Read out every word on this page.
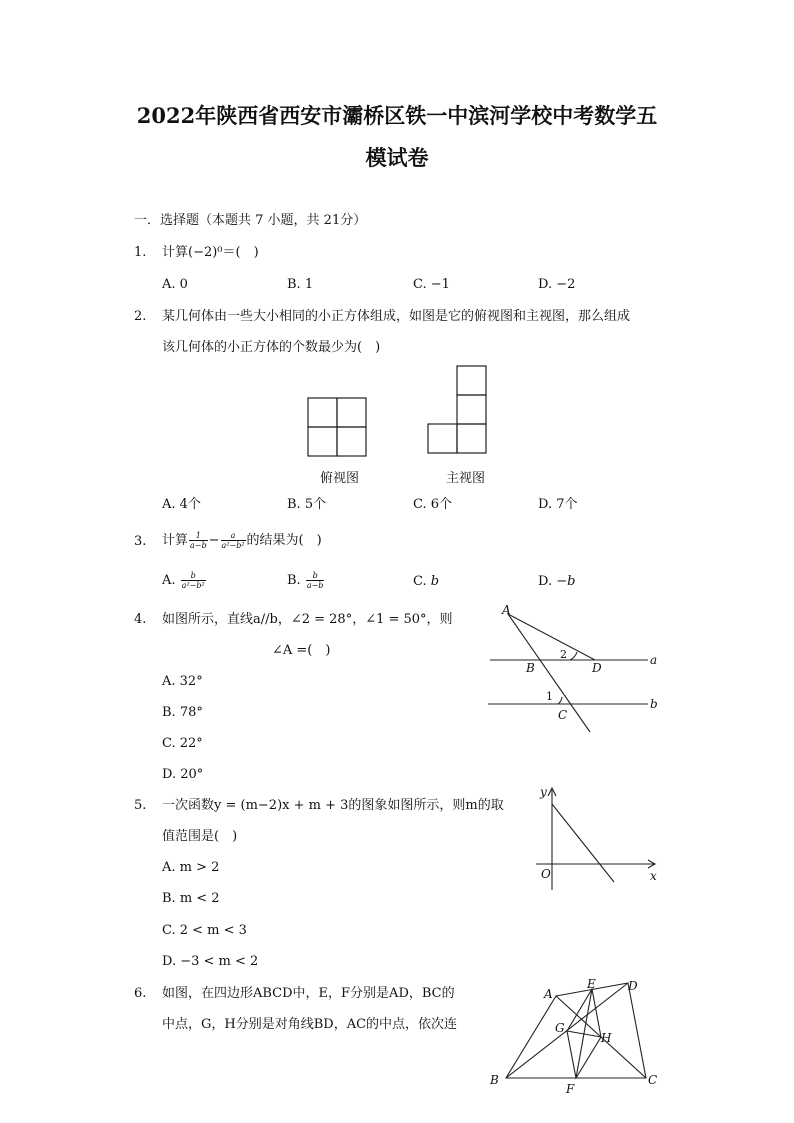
2022年陕西省西安市灞桥区铁一中滨河学校中考数学五
模试卷
一．选择题（本题共 7 小题，共 21分）
1. 计算(−2)⁰＝(　)
A. 0	B. 1	C. −1	D. −2
2. 某几何体由一些大小相同的小正方体组成，如图是它的俯视图和主视图，那么组成
该几何体的小正方体的个数最少为(　)
俯视图	主视图
A. 4个	B. 5个	C. 6个	D. 7个
3. 计算 $\frac{1}{a-b} - \frac{a}{\text{a²−b²}}$ 的结果为(　)
A. $\frac{b}{\text{a²−b²}}$	B. $\frac{b}{a-b}$	C. b	D. −b
4. 如图所示，直线a//b，∠2 = 28°，∠1 = 50°，则
∠A =(　)
A. 32°
B. 78°
C. 22°
D. 20°
A
B	D
C
a
b
2
1
5. 一次函数y = (m−2)x + m + 3的图象如图所示，则m的取
值范围是(　)
A. m > 2
B. m < 2
C. 2 < m < 3
D. −3 < m < 2
y
x
O
6. 如图，在四边形ABCD中，E，F分别是AD，BC的
中点，G，H分别是对角线BD，AC的中点，依次连
A
E	D
G
H
B
F
C
